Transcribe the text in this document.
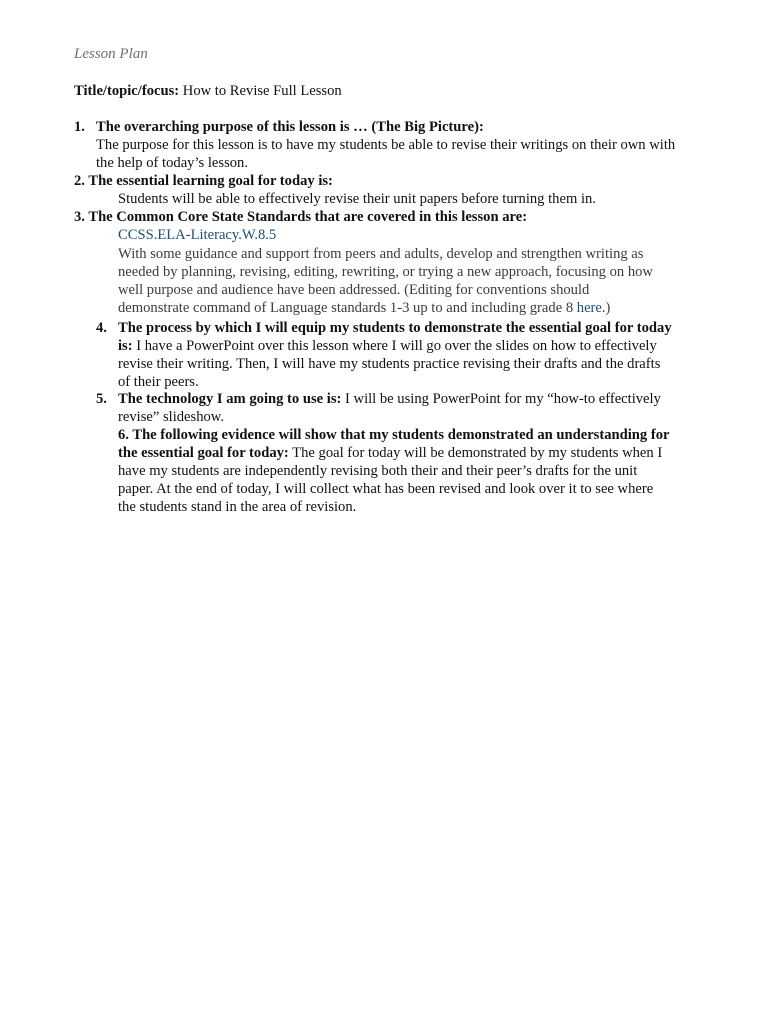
Lesson Plan
Title/topic/focus: How to Revise Full Lesson
1. The overarching purpose of this lesson is … (The Big Picture):
The purpose for this lesson is to have my students be able to revise their writings on their own with
the help of today’s lesson.
2. The essential learning goal for today is:
Students will be able to effectively revise their unit papers before turning them in.
3. The Common Core State Standards that are covered in this lesson are:
CCSS.ELA-Literacy.W.8.5
With some guidance and support from peers and adults, develop and strengthen writing as
needed by planning, revising, editing, rewriting, or trying a new approach, focusing on how
well purpose and audience have been addressed. (Editing for conventions should
demonstrate command of Language standards 1-3 up to and including grade 8 here.)
4. The process by which I will equip my students to demonstrate the essential goal for today
is: I have a PowerPoint over this lesson where I will go over the slides on how to effectively
revise their writing. Then, I will have my students practice revising their drafts and the drafts
of their peers.
5. The technology I am going to use is: I will be using PowerPoint for my “how-to effectively
revise” slideshow.
6. The following evidence will show that my students demonstrated an understanding for
the essential goal for today: The goal for today will be demonstrated by my students when I
have my students are independently revising both their and their peer’s drafts for the unit
paper. At the end of today, I will collect what has been revised and look over it to see where
the students stand in the area of revision.
